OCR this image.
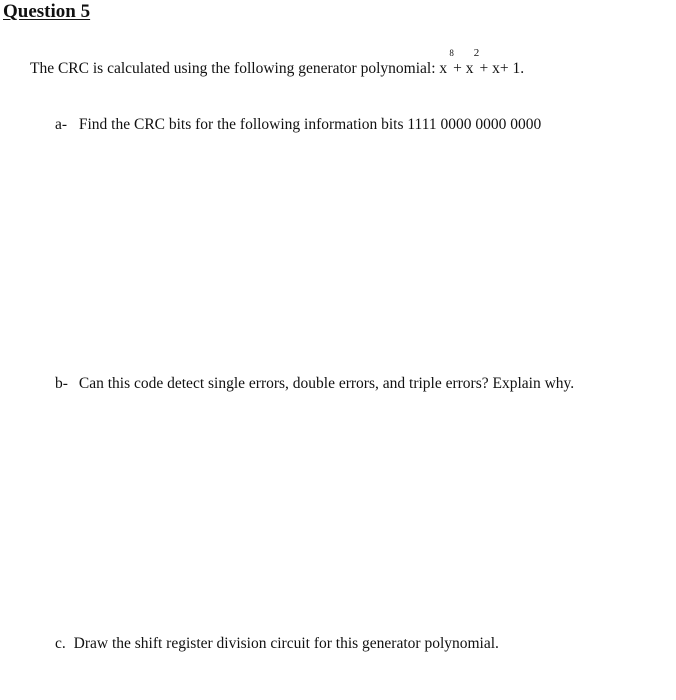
Question 5
The CRC is calculated using the following generator polynomial: x
8
+ x
2
+ x+ 1.
a- Find the CRC bits for the following information bits 1111 0000 0000 0000
b- Can this code detect single errors, double errors, and triple errors? Explain why.
c. Draw the shift register division circuit for this generator polynomial.
